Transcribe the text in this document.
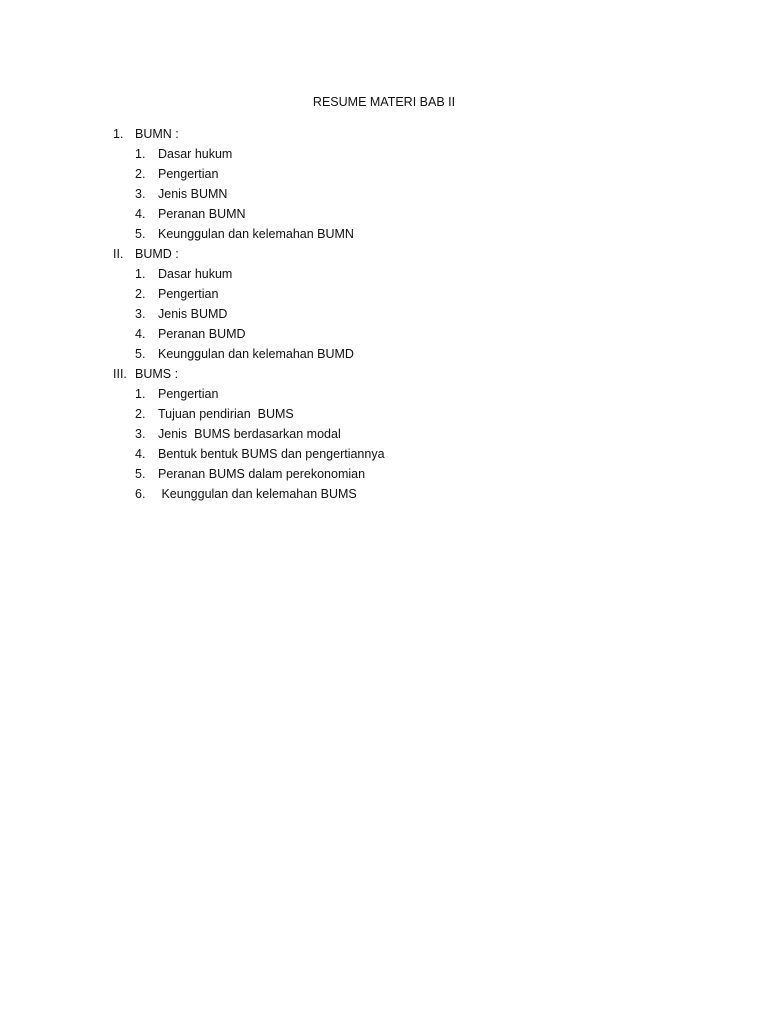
RESUME MATERI BAB II

1.

BUMN :

1.

Dasar hukum

2.

Pengertian

3.

Jenis BUMN

4.

Peranan BUMN

5.

Keunggulan dan kelemahan BUMN

II.

BUMD :

1.

Dasar hukum

2.

Pengertian

3.

Jenis BUMD

4.

Peranan BUMD

5.

Keunggulan dan kelemahan BUMD

III.

BUMS :

1.

Pengertian

2.

Tujuan pendirian  BUMS

3.

Jenis  BUMS berdasarkan modal

4.

Bentuk bentuk BUMS dan pengertiannya

5.

Peranan BUMS dalam perekonomian

6.

Keunggulan dan kelemahan BUMS
